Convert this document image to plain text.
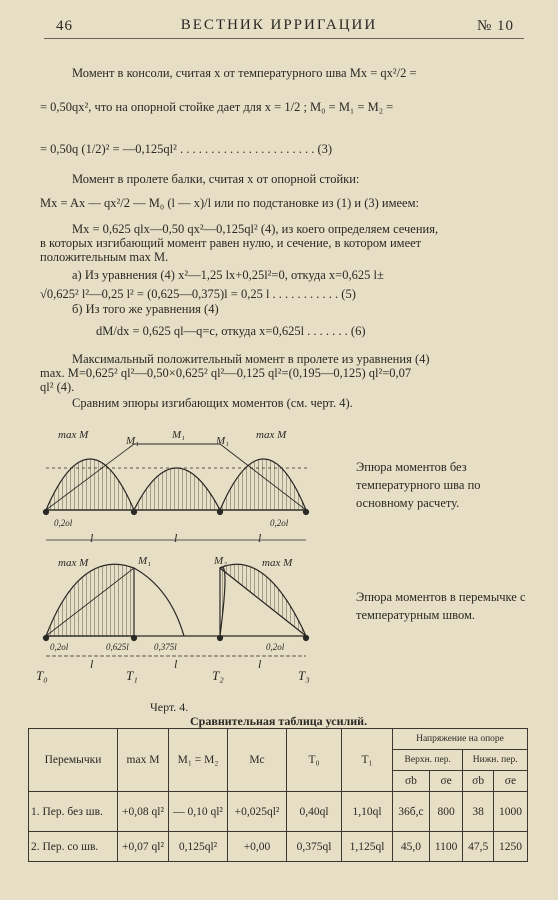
46	ВЕСТНИК ИРРИГАЦИИ	№ 10
Момент в консоли, считая x от температурного шва Mx = qx²/2 =
= 0,50qx², что на опорной стойке дает для x = 1/2 ; M₀ = M₁ = M₂ =
= 0,50q (1/2)² = —0,125ql² . . . . . . . . . . . . . . . . . . . . . . (3)
Момент в пролете балки, считая x от опорной стойки:
Mx = Ax — qx²/2 — M₀ (l — x)/l или по подстановке из (1) и (3) имеем:
Mx = 0,625 qlx—0,50 qx²—0,125ql² (4), из коего определяем сечения,
в которых изгибающий момент равен нулю, и сечение, в котором имеет
положительным max M.
а) Из уравнения (4) x²—1,25 lx+0,25l²=0, откуда x=0,625 l±
√0,625² l²—0,25 l² = (0,625—0,375)l = 0,25 l . . . . . . . . . . . (5)
б) Из того же уравнения (4)
dM/dx = 0,625 ql—q=c, откуда x=0,625l . . . . . . . (6)
Максимальный положительный момент в пролете из уравнения (4)
max. M=0,625² ql²—0,50×0,625² ql²—0,125 ql²=(0,195—0,125) ql²=0,07
ql² (4).
Сравним эпюры изгибающих моментов (см. черт. 4).
max M	M₁	M₁	M₁ max M
0,2ol
l	l	l
0,2ol
max M	M₁	M₂	max M
0,2ol	0,625l	0,375l	0,2ol
l	l	l
T₀	T₁	T₂	T₃
Черт. 4.
Эпюра моментов без температурного шва по основному расчету.
Эпюра моментов в перемычке с температурным швом.
Сравнительная таблица усилий.
Перемычки	max M	M₁ = M₂	Mc	T₀	T₁	Напряжение на опоре			
						Верхн. пер.		Нижн. пер.	
						σb	σe	σb	σe
1. Пер. без шв.	+0,08 ql²	— 0,10 ql²	+0,025ql²	0,40ql	1,10ql	36б,с	800	38	1000
2. Пер. со шв.	+0,07 ql²	0,125ql²	+0,00	0,375ql	1,125ql	45,0	1100	47,5	1250
